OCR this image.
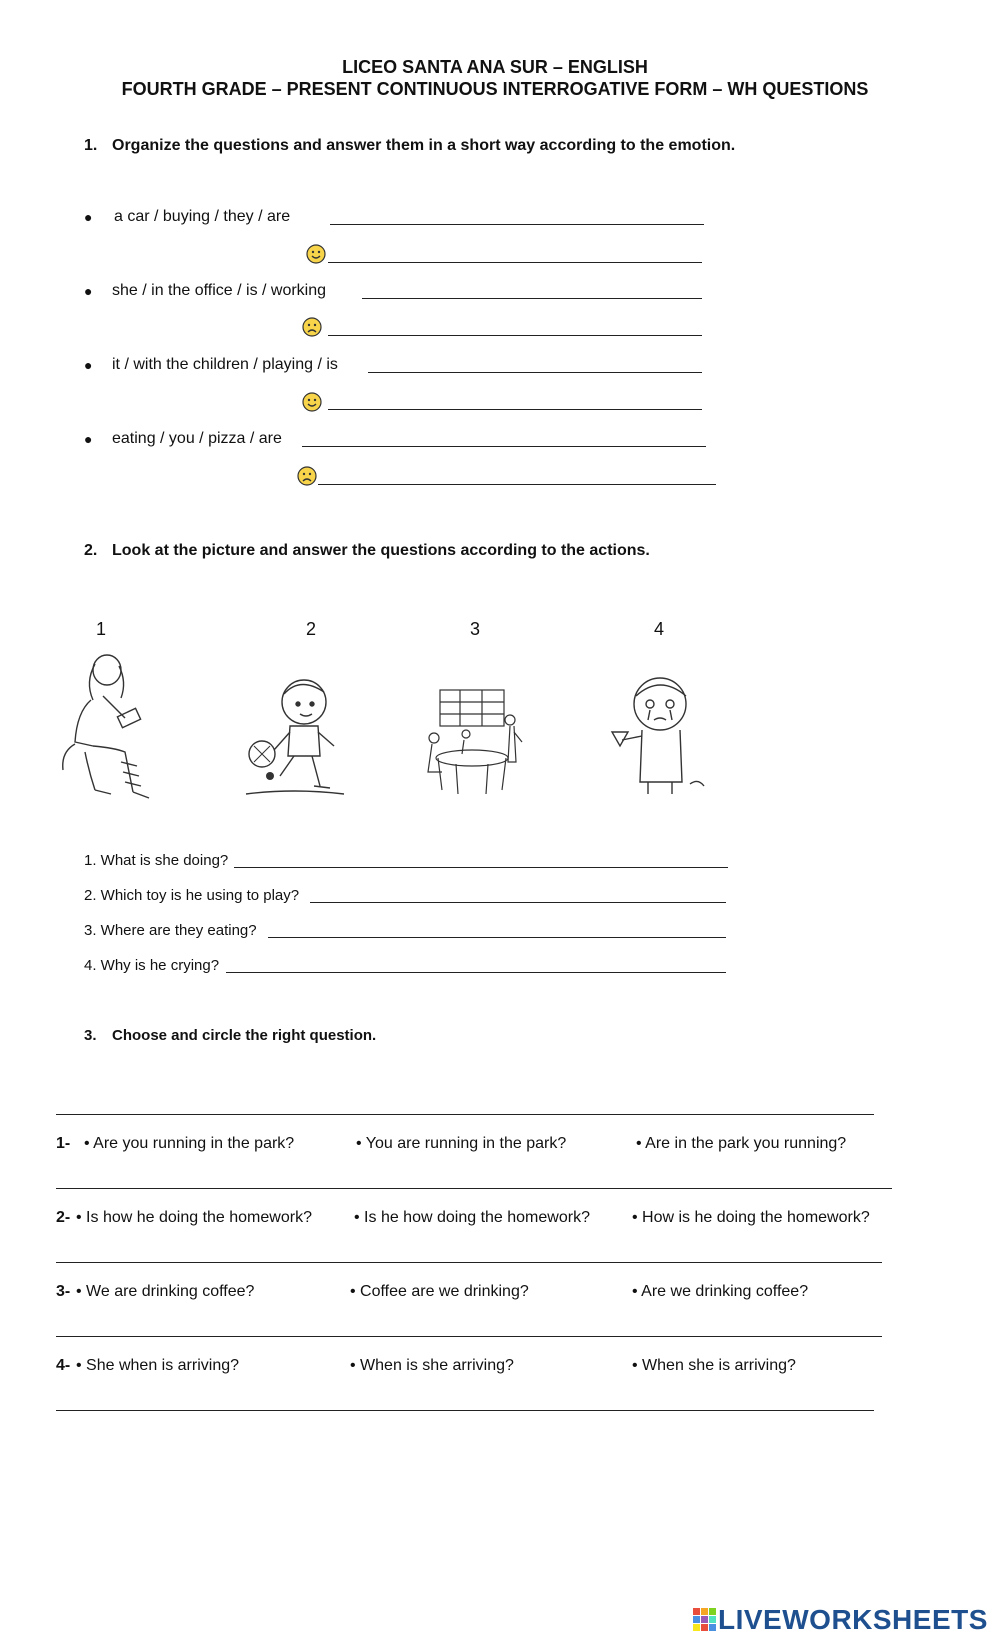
LICEO SANTA ANA SUR – ENGLISH
FOURTH GRADE – PRESENT CONTINUOUS INTERROGATIVE FORM – WH QUESTIONS
1. Organize the questions and answer them in a short way according to the emotion.
● a car / buying / they / are
● she / in the office / is / working
● it / with the children / playing / is
● eating / you / pizza / are
2. Look at the picture and answer the questions according to the actions.
1	2	3	4
1. What is she doing?
2. Which toy is he using to play?
3. Where are they eating?
4. Why is he crying?
3. Choose and circle the right question.
1- • Are you running in the park?	• You are running in the park?	• Are in the park you running?
2- • Is how he doing the homework?	• Is he how doing the homework?	• How is he doing the homework?
3- • We are drinking coffee?	• Coffee are we drinking?	• Are we drinking coffee?
4- • She when is arriving?	• When is she arriving?	• When she is arriving?
LIVEWORKSHEETS
